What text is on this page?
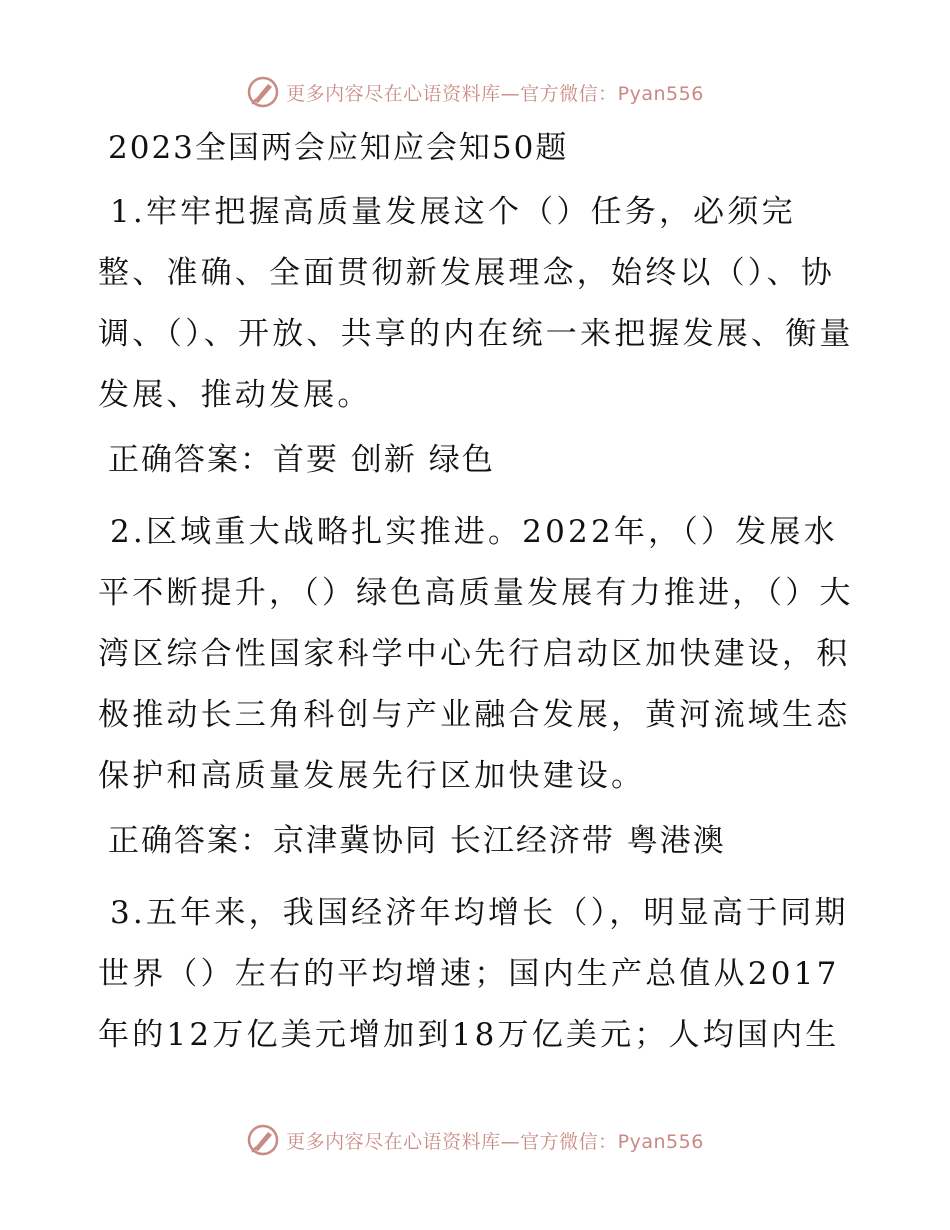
更多内容尽在心语资料库—官方微信：Pyan556
2023全国两会应知应会知50题

1.牢牢把握高质量发展这个（）任务，必须完整、准确、全面贯彻新发展理念，始终以（）、协调、（）、开放、共享的内在统一来把握发展、衡量发展、推动发展。

正确答案：首要 创新 绿色

2.区域重大战略扎实推进。2022年，（）发展水平不断提升，（）绿色高质量发展有力推进，（）大湾区综合性国家科学中心先行启动区加快建设，积极推动长三角科创与产业融合发展，黄河流域生态保护和高质量发展先行区加快建设。

正确答案：京津冀协同 长江经济带 粤港澳

3.五年来，我国经济年均增长（），明显高于同期世界（）左右的平均增速；国内生产总值从2017年的12万亿美元增加到18万亿美元；人均国内生

更多内容尽在心语资料库—官方微信：Pyan556
